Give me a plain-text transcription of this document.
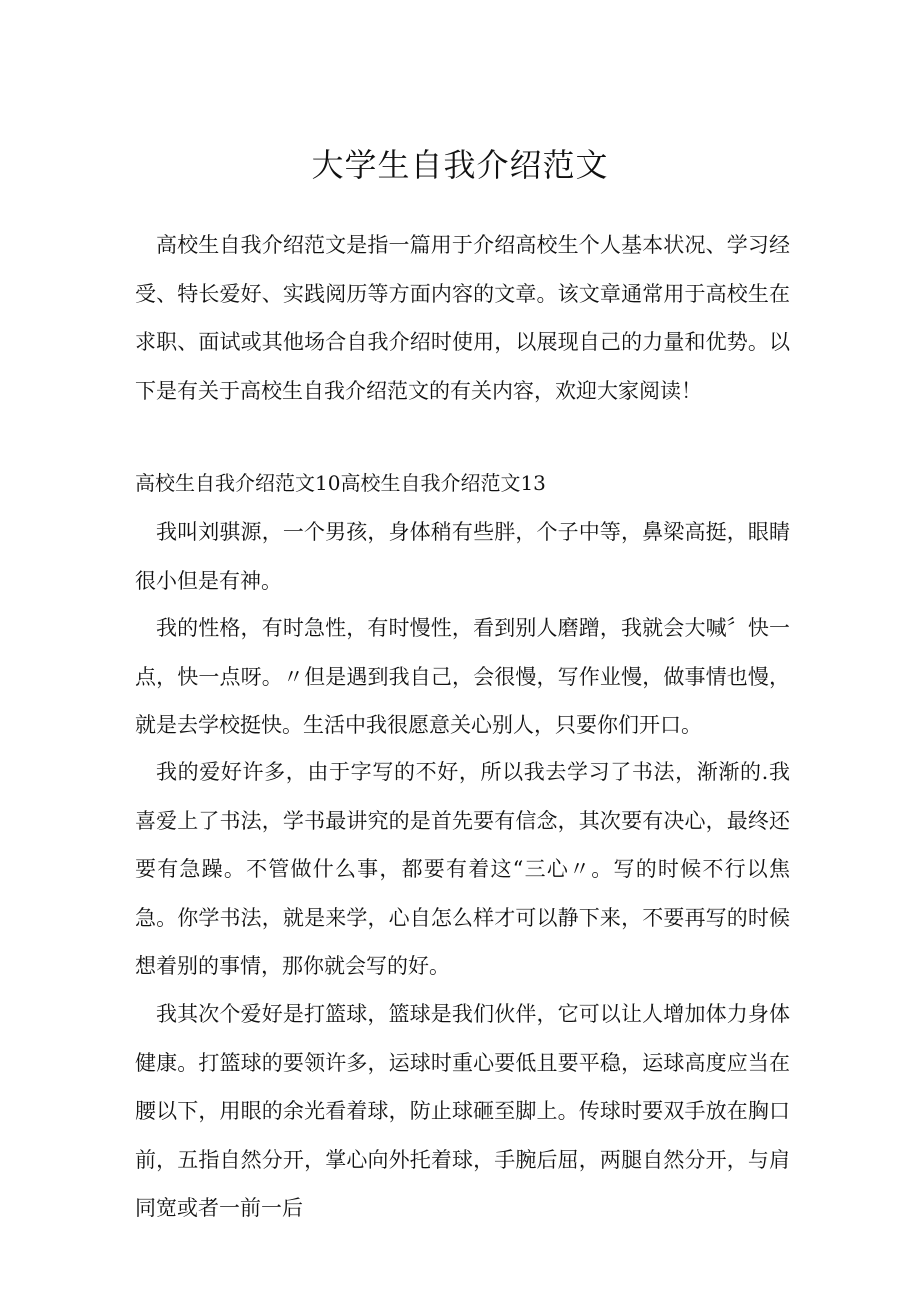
大学生自我介绍范文

高校生自我介绍范文是指一篇用于介绍高校生个人基本状况、学习经受、特长爱好、实践阅历等方面内容的文章。该文章通常用于高校生在求职、面试或其他场合自我介绍时使用，以展现自己的力量和优势。以下是有关于高校生自我介绍范文的有关内容，欢迎大家阅读！

高校生自我介绍范文10高校生自我介绍范文13

我叫刘骐源，一个男孩，身体稍有些胖，个子中等，鼻梁高挺，眼睛很小但是有神。

我的性格，有时急性，有时慢性，看到别人磨蹭，我就会大喊〞快一点，快一点呀。〃但是遇到我自己，会很慢，写作业慢，做事情也慢，就是去学校挺快。生活中我很愿意关心别人，只要你们开口。

我的爱好许多，由于字写的不好，所以我去学习了书法，渐渐的.我喜爱上了书法，学书最讲究的是首先要有信念，其次要有决心，最终还要有急躁。不管做什么事，都要有着这“三心〃。写的时候不行以焦急。你学书法，就是来学，心自怎么样才可以静下来，不要再写的时候想着别的事情，那你就会写的好。

我其次个爱好是打篮球，篮球是我们伙伴，它可以让人增加体力身体健康。打篮球的要领许多，运球时重心要低且要平稳，运球高度应当在腰以下，用眼的余光看着球，防止球砸至脚上。传球时要双手放在胸口前，五指自然分开，掌心向外托着球，手腕后屈，两腿自然分开，与肩同宽或者一前一后
